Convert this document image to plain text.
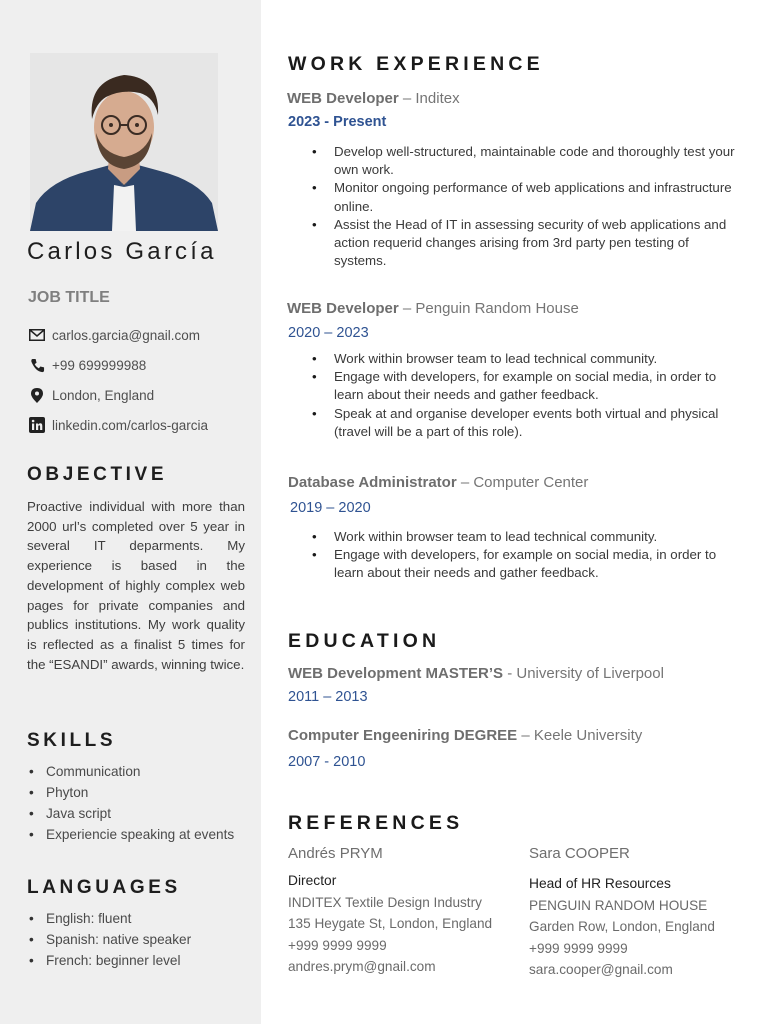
Carlos García
JOB TITLE
carlos.garcia@gnail.com
+99 699999988
London, England
linkedin.com/carlos-garcia
OBJECTIVE

Proactive individual with more than 2000 url’s completed over 5 year in several IT deparments. My experience is based in the development of highly complex web pages for private companies and publics institutions. My work quality is reflected as a finalist 5 times for the “ESANDI” awards, winning twice.

SKILLS
• Communication
• Phyton
• Java script
• Experiencie speaking at events
LANGUAGES
• English: fluent
• Spanish: native speaker
• French: beginner level
WORK EXPERIENCE
WEB Developer – Inditex
2023 - Present
• Develop well-structured, maintainable code and thoroughly test your own work.
• Monitor ongoing performance of web applications and infrastructure online.
• Assist the Head of IT in assessing security of web applications and action requerid changes arising from 3rd party pen testing of systems.
WEB Developer – Penguin Random House
2020 – 2023
• Work within browser team to lead technical community.
• Engage with developers, for example on social media, in order to learn about their needs and gather feedback.
• Speak at and organise developer events both virtual and physical (travel will be a part of this role).
Database Administrator – Computer Center
2019 – 2020
• Work within browser team to lead technical community.
• Engage with developers, for example on social media, in order to learn about their needs and gather feedback.
EDUCATION
WEB Development MASTER’S - University of Liverpool
2011 – 2013
Computer Engeeniring DEGREE – Keele University
2007 - 2010
REFERENCES
Andrés PRYM
Director
INDITEX Textile Design Industry
135 Heygate St, London, England
+999 9999 9999
andres.prym@gnail.com
Sara COOPER
Head of HR Resources
PENGUIN RANDOM HOUSE
Garden Row, London, England
+999 9999 9999
sara.cooper@gnail.com
